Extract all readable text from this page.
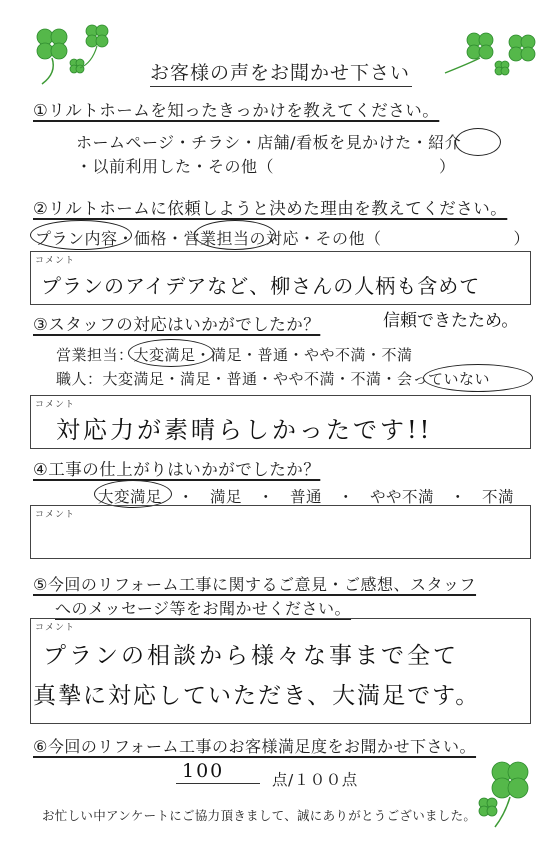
お客様の声をお聞かせ下さい
①リルトホームを知ったきっかけを教えてください。
ホームページ・チラシ・店舗/看板を見かけた・紹介
・以前利用した・その他（　　　　　　　　　　）
②リルトホームに依頼しようと決めた理由を教えてください。
プラン内容・価格・営業担当の対応・その他（　　　　　　　　）
コメント
プランのアイデアなど、柳さんの人柄も含めて
信頼できたため。
③スタッフの対応はいかがでしたか？
営業担当：大変満足・満足・普通・やや不満・不満
職人：大変満足・満足・普通・やや不満・不満・会っていない
コメント
対応力が素晴らしかったです!!
④工事の仕上がりはいかがでしたか？
大変満足　・　満足　・　普通　・　やや不満　・　不満
コメント
⑤今回のリフォーム工事に関するご意見・ご感想、スタッフ
へのメッセージ等をお聞かせください。
コメント
プランの相談から様々な事まで全て
真摯に対応していただき、大満足です。
⑥今回のリフォーム工事のお客様満足度をお聞かせ下さい。
100	点/１００点
お忙しい中アンケートにご協力頂きまして、誠にありがとうございました。
